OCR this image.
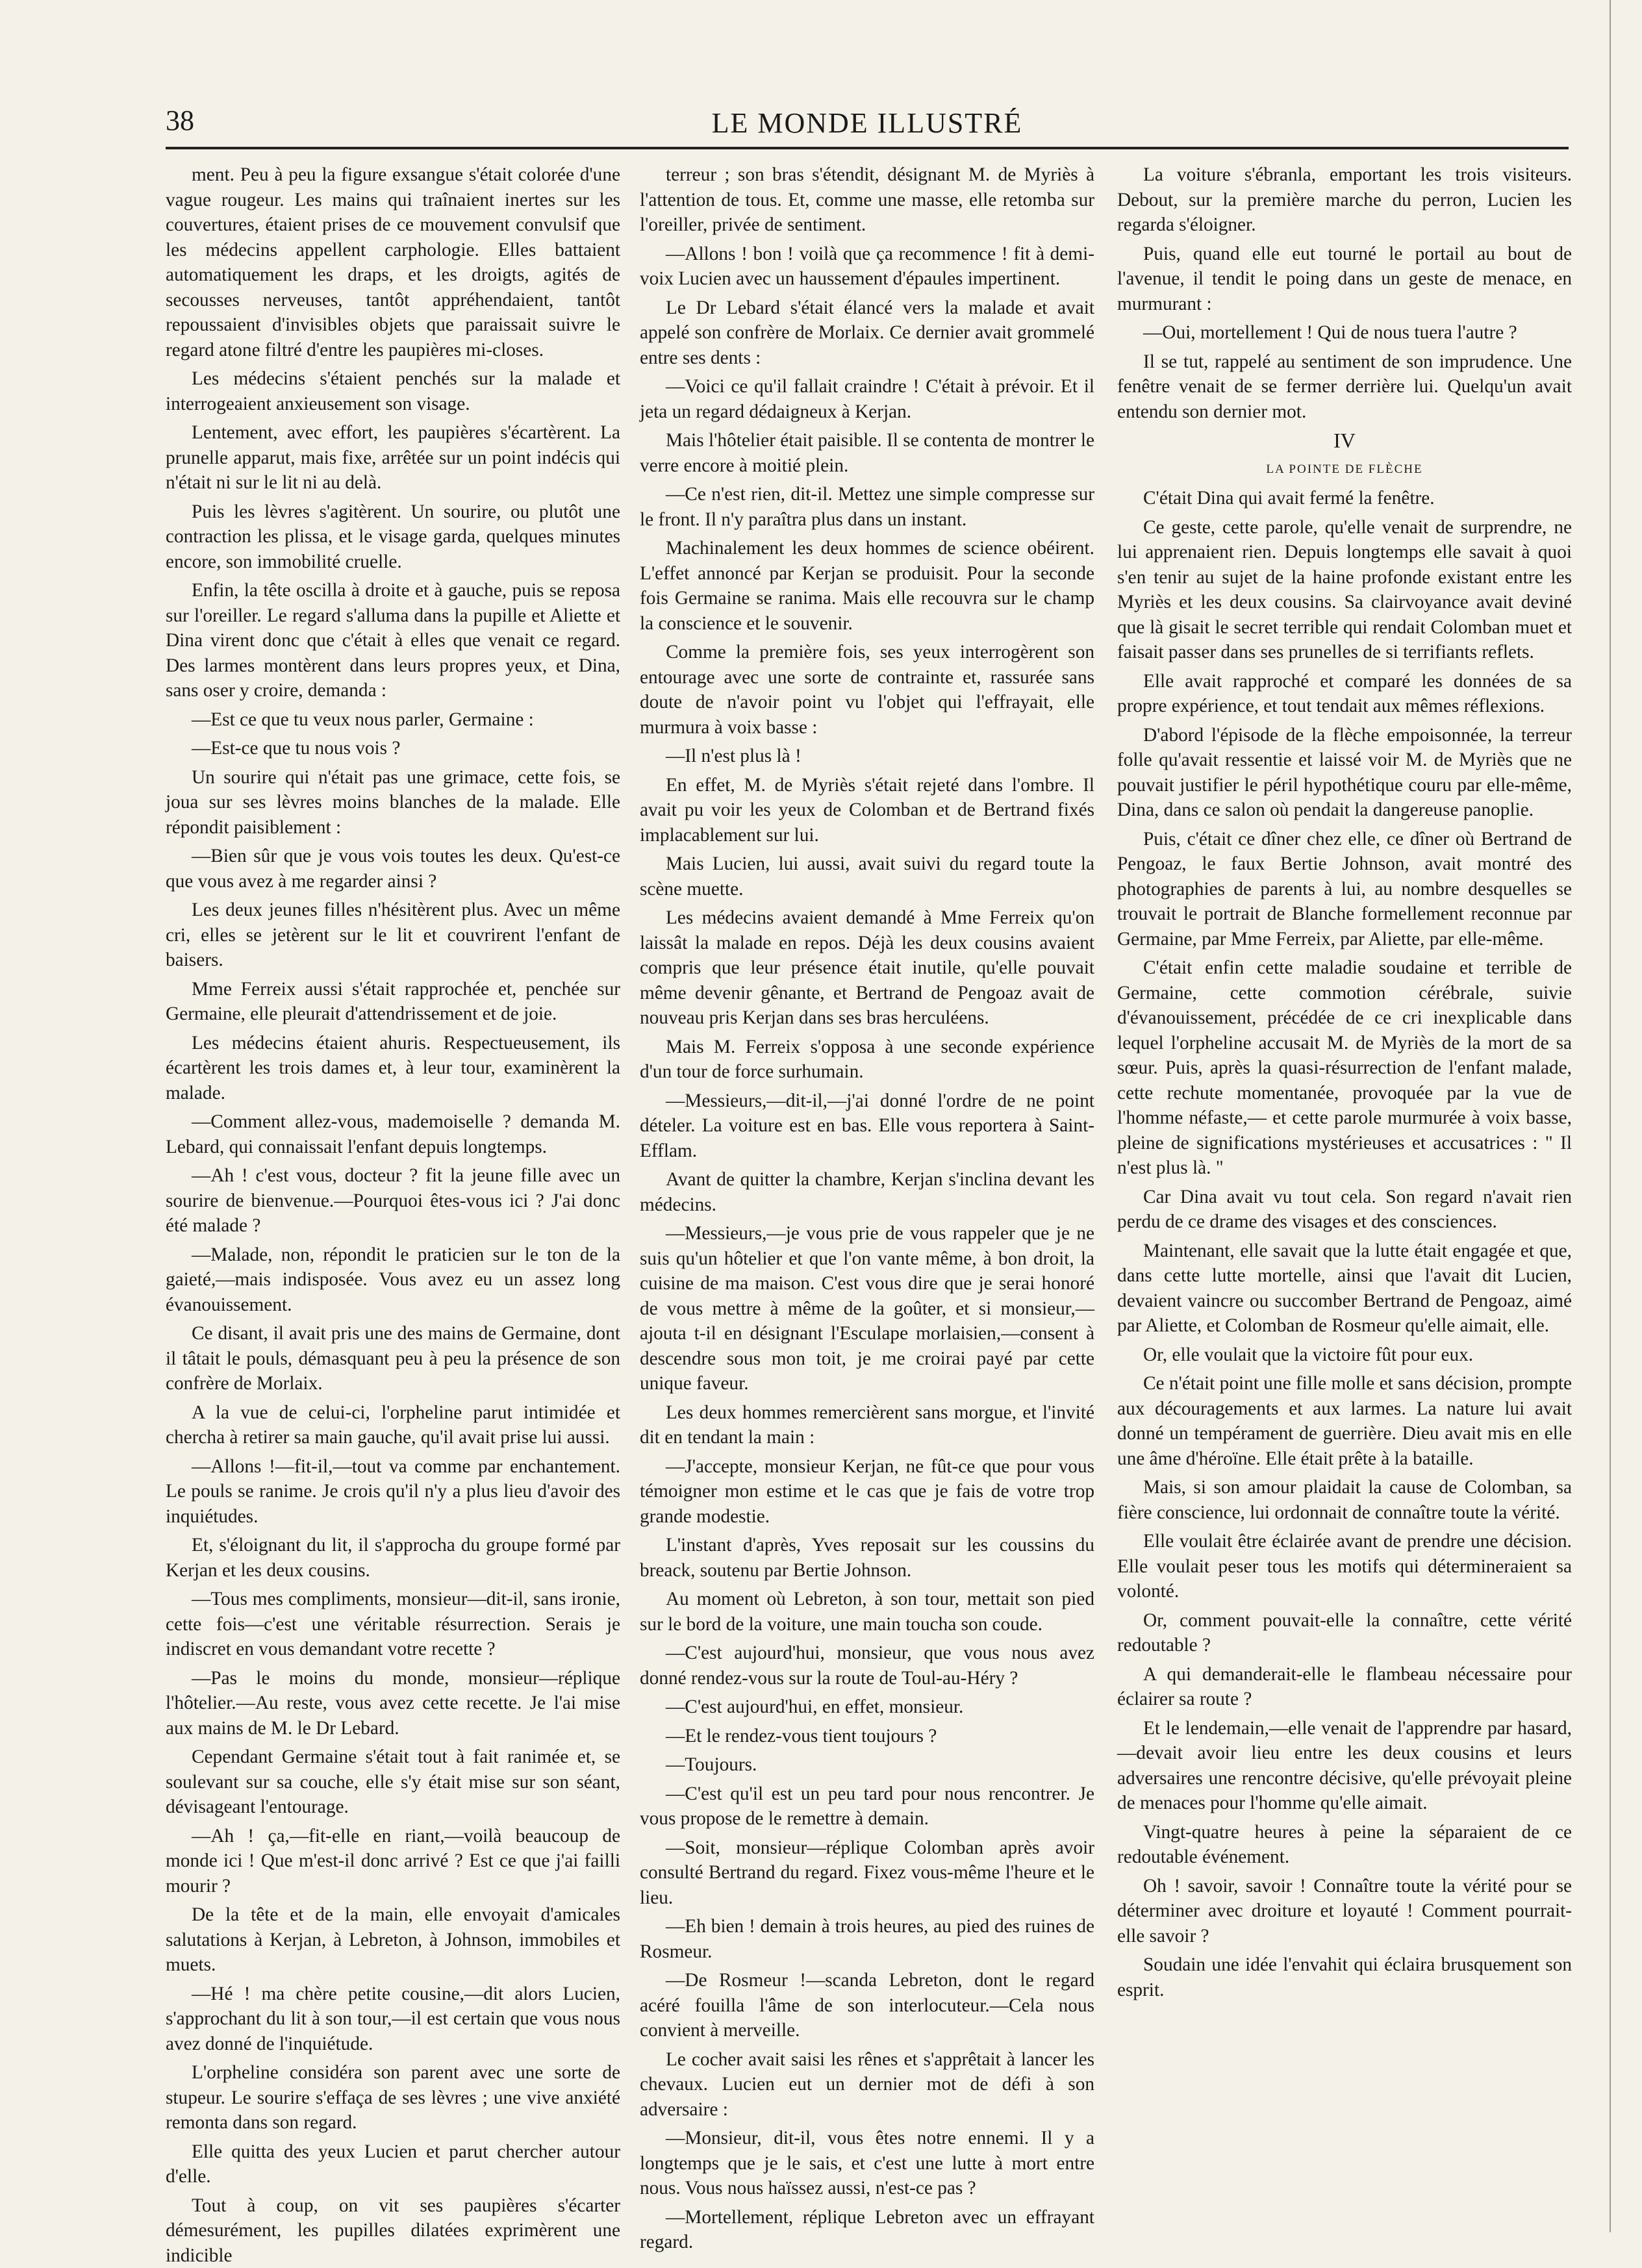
38	LE MONDE ILLUSTRÉ

ment. Peu à peu la figure exsangue s'était colorée d'une vague rougeur. Les mains qui traînaient inertes sur les couvertures, étaient prises de ce mouvement convulsif que les médecins appellent carphologie. Elles battaient automatiquement les draps, et les droigts, agités de secousses nerveuses, tantôt appréhendaient, tantôt repoussaient d'invisibles objets que paraissait suivre le regard atone filtré d'entre les paupières mi-closes.

Les médecins s'étaient penchés sur la malade et interrogeaient anxieusement son visage.

Lentement, avec effort, les paupières s'écartèrent. La prunelle apparut, mais fixe, arrêtée sur un point indécis qui n'était ni sur le lit ni au delà.

Puis les lèvres s'agitèrent. Un sourire, ou plutôt une contraction les plissa, et le visage garda, quelques minutes encore, son immobilité cruelle.

Enfin, la tête oscilla à droite et à gauche, puis se reposa sur l'oreiller. Le regard s'alluma dans la pupille et Aliette et Dina virent donc que c'était à elles que venait ce regard. Des larmes montèrent dans leurs propres yeux, et Dina, sans oser y croire, demanda :

—Est ce que tu veux nous parler, Germaine :

—Est-ce que tu nous vois ?

Un sourire qui n'était pas une grimace, cette fois, se joua sur ses lèvres moins blanches de la malade. Elle répondit paisiblement :

—Bien sûr que je vous vois toutes les deux. Qu'est-ce que vous avez à me regarder ainsi ?

Les deux jeunes filles n'hésitèrent plus. Avec un même cri, elles se jetèrent sur le lit et couvrirent l'enfant de baisers.

Mme Ferreix aussi s'était rapprochée et, penchée sur Germaine, elle pleurait d'attendrissement et de joie.

Les médecins étaient ahuris. Respectueusement, ils écartèrent les trois dames et, à leur tour, examinèrent la malade.

—Comment allez-vous, mademoiselle ? demanda M. Lebard, qui connaissait l'enfant depuis longtemps.

—Ah ! c'est vous, docteur ? fit la jeune fille avec un sourire de bienvenue.—Pourquoi êtes-vous ici ? J'ai donc été malade ?

—Malade, non, répondit le praticien sur le ton de la gaieté,—mais indisposée. Vous avez eu un assez long évanouissement.

Ce disant, il avait pris une des mains de Germaine, dont il tâtait le pouls, démasquant peu à peu la présence de son confrère de Morlaix.

A la vue de celui-ci, l'orpheline parut intimidée et chercha à retirer sa main gauche, qu'il avait prise lui aussi.

—Allons !—fit-il,—tout va comme par enchantement. Le pouls se ranime. Je crois qu'il n'y a plus lieu d'avoir des inquiétudes.

Et, s'éloignant du lit, il s'approcha du groupe formé par Kerjan et les deux cousins.

—Tous mes compliments, monsieur—dit-il, sans ironie, cette fois—c'est une véritable résurrection. Serais je indiscret en vous demandant votre recette ?

—Pas le moins du monde, monsieur—réplique l'hôtelier.—Au reste, vous avez cette recette. Je l'ai mise aux mains de M. le Dr Lebard.

Cependant Germaine s'était tout à fait ranimée et, se soulevant sur sa couche, elle s'y était mise sur son séant, dévisageant l'entourage.

—Ah ! ça,—fit-elle en riant,—voilà beaucoup de monde ici ! Que m'est-il donc arrivé ? Est ce que j'ai failli mourir ?

De la tête et de la main, elle envoyait d'amicales salutations à Kerjan, à Lebreton, à Johnson, immobiles et muets.

—Hé ! ma chère petite cousine,—dit alors Lucien, s'approchant du lit à son tour,—il est certain que vous nous avez donné de l'inquiétude.

L'orpheline considéra son parent avec une sorte de stupeur. Le sourire s'effaça de ses lèvres ; une vive anxiété remonta dans son regard.

Elle quitta des yeux Lucien et parut chercher autour d'elle.

Tout à coup, on vit ses paupières s'écarter démesurément, les pupilles dilatées exprimèrent une indicible

terreur ; son bras s'étendit, désignant M. de Myriès à l'attention de tous. Et, comme une masse, elle retomba sur l'oreiller, privée de sentiment.

—Allons ! bon ! voilà que ça recommence ! fit à demi-voix Lucien avec un haussement d'épaules impertinent.

Le Dr Lebard s'était élancé vers la malade et avait appelé son confrère de Morlaix. Ce dernier avait grommelé entre ses dents :

—Voici ce qu'il fallait craindre ! C'était à prévoir. Et il jeta un regard dédaigneux à Kerjan.

Mais l'hôtelier était paisible. Il se contenta de montrer le verre encore à moitié plein.

—Ce n'est rien, dit-il. Mettez une simple compresse sur le front. Il n'y paraîtra plus dans un instant.

Machinalement les deux hommes de science obéirent. L'effet annoncé par Kerjan se produisit. Pour la seconde fois Germaine se ranima. Mais elle recouvra sur le champ la conscience et le souvenir.

Comme la première fois, ses yeux interrogèrent son entourage avec une sorte de contrainte et, rassurée sans doute de n'avoir point vu l'objet qui l'effrayait, elle murmura à voix basse :

—Il n'est plus là !

En effet, M. de Myriès s'était rejeté dans l'ombre. Il avait pu voir les yeux de Colomban et de Bertrand fixés implacablement sur lui.

Mais Lucien, lui aussi, avait suivi du regard toute la scène muette.

Les médecins avaient demandé à Mme Ferreix qu'on laissât la malade en repos. Déjà les deux cousins avaient compris que leur présence était inutile, qu'elle pouvait même devenir gênante, et Bertrand de Pengoaz avait de nouveau pris Kerjan dans ses bras herculéens.

Mais M. Ferreix s'opposa à une seconde expérience d'un tour de force surhumain.

—Messieurs,—dit-il,—j'ai donné l'ordre de ne point dételer. La voiture est en bas. Elle vous reportera à Saint-Efflam.

Avant de quitter la chambre, Kerjan s'inclina devant les médecins.

—Messieurs,—je vous prie de vous rappeler que je ne suis qu'un hôtelier et que l'on vante même, à bon droit, la cuisine de ma maison. C'est vous dire que je serai honoré de vous mettre à même de la goûter, et si monsieur,—ajouta t-il en désignant l'Esculape morlaisien,—consent à descendre sous mon toit, je me croirai payé par cette unique faveur.

Les deux hommes remercièrent sans morgue, et l'invité dit en tendant la main :

—J'accepte, monsieur Kerjan, ne fût-ce que pour vous témoigner mon estime et le cas que je fais de votre trop grande modestie.

L'instant d'après, Yves reposait sur les coussins du breack, soutenu par Bertie Johnson.

Au moment où Lebreton, à son tour, mettait son pied sur le bord de la voiture, une main toucha son coude.

—C'est aujourd'hui, monsieur, que vous nous avez donné rendez-vous sur la route de Toul-au-Héry ?

—C'est aujourd'hui, en effet, monsieur.

—Et le rendez-vous tient toujours ?

—Toujours.

—C'est qu'il est un peu tard pour nous rencontrer. Je vous propose de le remettre à demain.

—Soit, monsieur—réplique Colomban après avoir consulté Bertrand du regard. Fixez vous-même l'heure et le lieu.

—Eh bien ! demain à trois heures, au pied des ruines de Rosmeur.

—De Rosmeur !—scanda Lebreton, dont le regard acéré fouilla l'âme de son interlocuteur.—Cela nous convient à merveille.

Le cocher avait saisi les rênes et s'apprêtait à lancer les chevaux. Lucien eut un dernier mot de défi à son adversaire :

—Monsieur, dit-il, vous êtes notre ennemi. Il y a longtemps que je le sais, et c'est une lutte à mort entre nous. Vous nous haïssez aussi, n'est-ce pas ?

—Mortellement, réplique Lebreton avec un effrayant regard.

La voiture s'ébranla, emportant les trois visiteurs. Debout, sur la première marche du perron, Lucien les regarda s'éloigner.

Puis, quand elle eut tourné le portail au bout de l'avenue, il tendit le poing dans un geste de menace, en murmurant :

—Oui, mortellement ! Qui de nous tuera l'autre ?

Il se tut, rappelé au sentiment de son imprudence. Une fenêtre venait de se fermer derrière lui. Quelqu'un avait entendu son dernier mot.

IV

LA POINTE DE FLÈCHE

C'était Dina qui avait fermé la fenêtre.

Ce geste, cette parole, qu'elle venait de surprendre, ne lui apprenaient rien. Depuis longtemps elle savait à quoi s'en tenir au sujet de la haine profonde existant entre les Myriès et les deux cousins. Sa clairvoyance avait deviné que là gisait le secret terrible qui rendait Colomban muet et faisait passer dans ses prunelles de si terrifiants reflets.

Elle avait rapproché et comparé les données de sa propre expérience, et tout tendait aux mêmes réflexions.

D'abord l'épisode de la flèche empoisonnée, la terreur folle qu'avait ressentie et laissé voir M. de Myriès que ne pouvait justifier le péril hypothétique couru par elle-même, Dina, dans ce salon où pendait la dangereuse panoplie.

Puis, c'était ce dîner chez elle, ce dîner où Bertrand de Pengoaz, le faux Bertie Johnson, avait montré des photographies de parents à lui, au nombre desquelles se trouvait le portrait de Blanche formellement reconnue par Germaine, par Mme Ferreix, par Aliette, par elle-même.

C'était enfin cette maladie soudaine et terrible de Germaine, cette commotion cérébrale, suivie d'évanouissement, précédée de ce cri inexplicable dans lequel l'orpheline accusait M. de Myriès de la mort de sa sœur. Puis, après la quasi-résurrection de l'enfant malade, cette rechute momentanée, provoquée par la vue de l'homme néfaste,— et cette parole murmurée à voix basse, pleine de significations mystérieuses et accusatrices : " Il n'est plus là. "

Car Dina avait vu tout cela. Son regard n'avait rien perdu de ce drame des visages et des consciences.

Maintenant, elle savait que la lutte était engagée et que, dans cette lutte mortelle, ainsi que l'avait dit Lucien, devaient vaincre ou succomber Bertrand de Pengoaz, aimé par Aliette, et Colomban de Rosmeur qu'elle aimait, elle.

Or, elle voulait que la victoire fût pour eux.

Ce n'était point une fille molle et sans décision, prompte aux découragements et aux larmes. La nature lui avait donné un tempérament de guerrière. Dieu avait mis en elle une âme d'héroïne. Elle était prête à la bataille.

Mais, si son amour plaidait la cause de Colomban, sa fière conscience, lui ordonnait de connaître toute la vérité.

Elle voulait être éclairée avant de prendre une décision. Elle voulait peser tous les motifs qui détermineraient sa volonté.

Or, comment pouvait-elle la connaître, cette vérité redoutable ?

A qui demanderait-elle le flambeau nécessaire pour éclairer sa route ?

Et le lendemain,—elle venait de l'apprendre par hasard,—devait avoir lieu entre les deux cousins et leurs adversaires une rencontre décisive, qu'elle prévoyait pleine de menaces pour l'homme qu'elle aimait.

Vingt-quatre heures à peine la séparaient de ce redoutable événement.

Oh ! savoir, savoir ! Connaître toute la vérité pour se déterminer avec droiture et loyauté ! Comment pourrait-elle savoir ?

Soudain une idée l'envahit qui éclaira brusquement son esprit.
